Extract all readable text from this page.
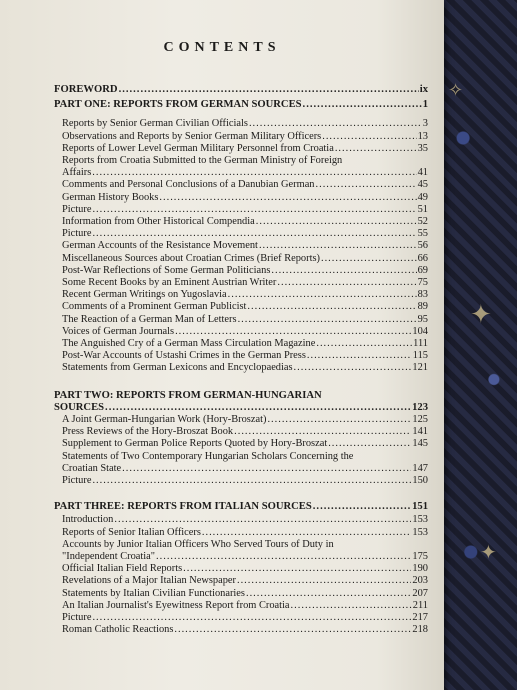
✦
✧
✦
CONTENTS
FOREWORD .....	ix
PART ONE: REPORTS FROM GERMAN SOURCES .....	1
Reports by Senior German Civilian Officials .....	3
Observations and Reports by Senior German Military Officers .....	13
Reports of Lower Level German Military Personnel from Croatia .....	35
Reports from Croatia Submitted to the German Ministry of Foreign
Affairs .....	41
Comments and Personal Conclusions of a Danubian German .....	45
German History Books .....	49
Picture .....	51
Information from Other Historical Compendia .....	52
Picture .....	55
German Accounts of the Resistance Movement .....	56
Miscellaneous Sources about Croatian Crimes (Brief Reports) .....	66
Post-War Reflections of Some German Politicians .....	69
Some Recent Books by an Eminent Austrian Writer .....	75
Recent German Writings on Yugoslavia .....	83
Comments of a Prominent German Publicist .....	89
The Reaction of a German Man of Letters .....	95
Voices of German Journals .....	104
The Anguished Cry of a German Mass Circulation Magazine .....	111
Post-War Accounts of Ustashi Crimes in the German Press .....	115
Statements from German Lexicons and Encyclopaedias .....	121
PART TWO: REPORTS FROM GERMAN-HUNGARIAN
SOURCES .....	123
A Joint German-Hungarian Work (Hory-Broszat) .....	125
Press Reviews of the Hory-Broszat Book .....	141
Supplement to German Police Reports Quoted by Hory-Broszat .....	145
Statements of Two Contemporary Hungarian Scholars Concerning the
Croatian State .....	147
Picture .....	150
PART THREE: REPORTS FROM ITALIAN SOURCES .....	151
Introduction .....	153
Reports of Senior Italian Officers .....	153
Accounts by Junior Italian Officers Who Served Tours of Duty in
"Independent Croatia" .....	175
Official Italian Field Reports .....	190
Revelations of a Major Italian Newspaper .....	203
Statements by Italian Civilian Functionaries .....	207
An Italian Journalist's Eyewitness Report from Croatia .....	211
Picture .....	217
Roman Catholic Reactions .....	218
